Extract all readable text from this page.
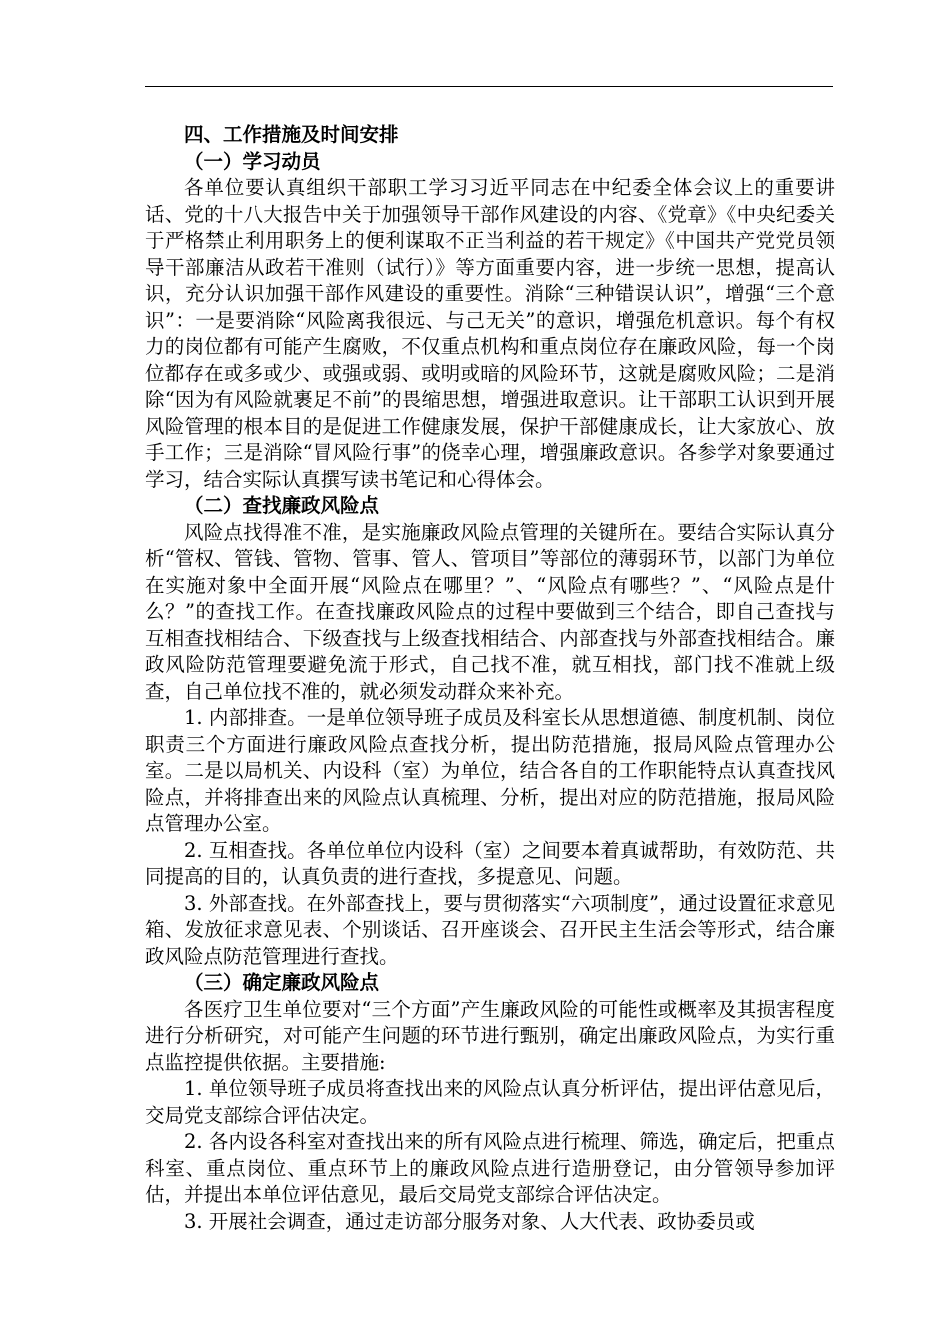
四、工作措施及时间安排
（一）学习动员

各单位要认真组织干部职工学习习近平同志在中纪委全体会议上的重要讲话、党的十八大报告中关于加强领导干部作风建设的内容、《党章》《中央纪委关于严格禁止利用职务上的便利谋取不正当利益的若干规定》《中国共产党党员领导干部廉洁从政若干准则（试行）》等方面重要内容，进一步统一思想，提高认识，充分认识加强干部作风建设的重要性。消除“三种错误认识”，增强“三个意识”：一是要消除“风险离我很远、与己无关”的意识，增强危机意识。每个有权力的岗位都有可能产生腐败，不仅重点机构和重点岗位存在廉政风险，每一个岗位都存在或多或少、或强或弱、或明或暗的风险环节，这就是腐败风险；二是消除“因为有风险就裹足不前”的畏缩思想，增强进取意识。让干部职工认识到开展风险管理的根本目的是促进工作健康发展，保护干部健康成长，让大家放心、放手工作；三是消除“冒风险行事”的侥幸心理，增强廉政意识。各参学对象要通过学习，结合实际认真撰写读书笔记和心得体会。

（二）查找廉政风险点

风险点找得准不准，是实施廉政风险点管理的关键所在。要结合实际认真分析“管权、管钱、管物、管事、管人、管项目”等部位的薄弱环节，以部门为单位在实施对象中全面开展“风险点在哪里？”、“风险点有哪些？”、“风险点是什么？”的查找工作。在查找廉政风险点的过程中要做到三个结合，即自己查找与互相查找相结合、下级查找与上级查找相结合、内部查找与外部查找相结合。廉政风险防范管理要避免流于形式，自己找不准，就互相找，部门找不准就上级查，自己单位找不准的，就必须发动群众来补充。

1. 内部排查。一是单位领导班子成员及科室长从思想道德、制度机制、岗位职责三个方面进行廉政风险点查找分析，提出防范措施，报局风险点管理办公室。二是以局机关、内设科（室）为单位，结合各自的工作职能特点认真查找风险点，并将排查出来的风险点认真梳理、分析，提出对应的防范措施，报局风险点管理办公室。

2. 互相查找。各单位单位内设科（室）之间要本着真诚帮助，有效防范、共同提高的目的，认真负责的进行查找，多提意见、问题。

3. 外部查找。在外部查找上，要与贯彻落实“六项制度”，通过设置征求意见箱、发放征求意见表、个别谈话、召开座谈会、召开民主生活会等形式，结合廉政风险点防范管理进行查找。

（三）确定廉政风险点

各医疗卫生单位要对“三个方面”产生廉政风险的可能性或概率及其损害程度进行分析研究，对可能产生问题的环节进行甄别，确定出廉政风险点，为实行重点监控提供依据。主要措施:

1. 单位领导班子成员将查找出来的风险点认真分析评估，提出评估意见后，交局党支部综合评估决定。

2. 各内设各科室对查找出来的所有风险点进行梳理、筛选，确定后，把重点科室、重点岗位、重点环节上的廉政风险点进行造册登记，由分管领导参加评估，并提出本单位评估意见，最后交局党支部综合评估决定。

3. 开展社会调查，通过走访部分服务对象、人大代表、政协委员或
